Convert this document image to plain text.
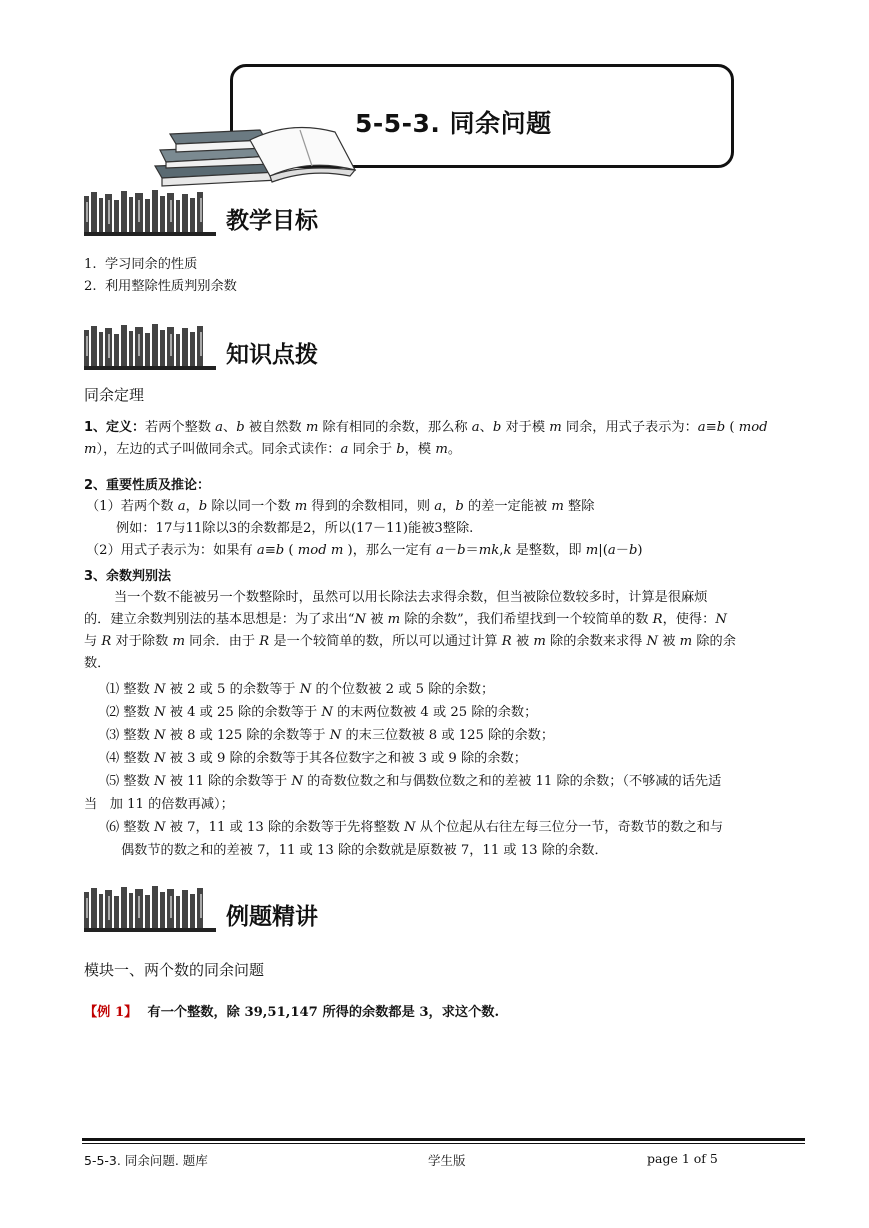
5-5-3. 同余问题
教学目标
1.  学习同余的性质
2.  利用整除性质判别余数
知识点拨
同余定理
1、定义：若两个整数 a、b 被自然数 m 除有相同的余数，那么称 a、b 对于模 m 同余，用式子表示为：a≡b ( mod
m），左边的式子叫做同余式。同余式读作：a 同余于 b，模 m。
2、重要性质及推论：
（1）若两个数 a，b 除以同一个数 m 得到的余数相同，则 a，b 的差一定能被 m 整除
例如：17与11除以3的余数都是2，所以(17－11)能被3整除.
（2）用式子表示为：如果有 a≡b ( mod m )，那么一定有 a－b＝mk,k 是整数，即 m|(a－b)
3、余数判别法
当一个数不能被另一个数整除时，虽然可以用长除法去求得余数，但当被除位数较多时，计算是很麻烦
的．建立余数判别法的基本思想是：为了求出“N 被 m 除的余数”，我们希望找到一个较简单的数 R，使得：N
与 R 对于除数 m 同余．由于 R 是一个较简单的数，所以可以通过计算 R 被 m 除的余数来求得 N 被 m 除的余
数．
⑴ 整数 N 被 2 或 5 的余数等于 N 的个位数被 2 或 5 除的余数；
⑵ 整数 N 被 4 或 25 除的余数等于 N 的末两位数被 4 或 25 除的余数；
⑶ 整数 N 被 8 或 125 除的余数等于 N 的末三位数被 8 或 125 除的余数；
⑷ 整数 N 被 3 或 9 除的余数等于其各位数字之和被 3 或 9 除的余数；
⑸ 整数 N 被 11 除的余数等于 N 的奇数位数之和与偶数位数之和的差被 11 除的余数；（不够减的话先适
当   加 11 的倍数再减）；
⑹ 整数 N 被 7，11 或 13 除的余数等于先将整数 N 从个位起从右往左每三位分一节，奇数节的数之和与
偶数节的数之和的差被 7，11 或 13 除的余数就是原数被 7，11 或 13 除的余数．
例题精讲
模块一、两个数的同余问题
【例 1】 有一个整数，除 39,51,147 所得的余数都是 3，求这个数.
5-5-3. 同余问题. 题库	学生版	page 1 of 5
